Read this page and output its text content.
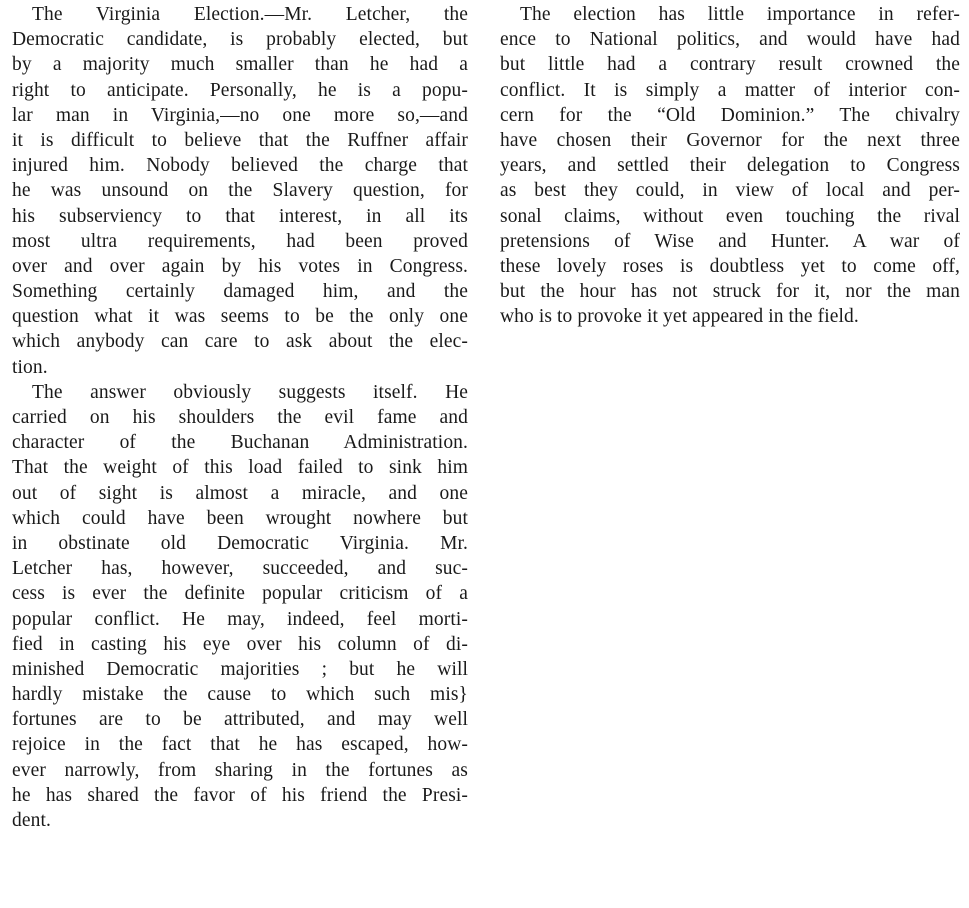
The Virginia Election.—Mr. Letcher, the
Democratic candidate, is probably elected, but
by a majority much smaller than he had a
right to anticipate. Personally, he is a popu-
lar man in Virginia,—no one more so,—and
it is difficult to believe that the Ruffner affair
injured him. Nobody believed the charge that
he was unsound on the Slavery question, for
his subserviency to that interest, in all its
most ultra requirements, had been proved
over and over again by his votes in Congress.
Something certainly damaged him, and the
question what it was seems to be the only one
which anybody can care to ask about the elec-
tion.
The answer obviously suggests itself. He
carried on his shoulders the evil fame and
character of the Buchanan Administration.
That the weight of this load failed to sink him
out of sight is almost a miracle, and one
which could have been wrought nowhere but
in obstinate old Democratic Virginia. Mr.
Letcher has, however, succeeded, and suc-
cess is ever the definite popular criticism of a
popular conflict. He may, indeed, feel morti-
fied in casting his eye over his column of di-
minished Democratic majorities ; but he will
hardly mistake the cause to which such mis}
fortunes are to be attributed, and may well
rejoice in the fact that he has escaped, how-
ever narrowly, from sharing in the fortunes as
he has shared the favor of his friend the Presi-
dent.
The election has little importance in refer-
ence to National politics, and would have had
but little had a contrary result crowned the
conflict. It is simply a matter of interior con-
cern for the “Old Dominion.” The chivalry
have chosen their Governor for the next three
years, and settled their delegation to Congress
as best they could, in view of local and per-
sonal claims, without even touching the rival
pretensions of Wise and Hunter. A war of
these lovely roses is doubtless yet to come off,
but the hour has not struck for it, nor the man
who is to provoke it yet appeared in the field.
